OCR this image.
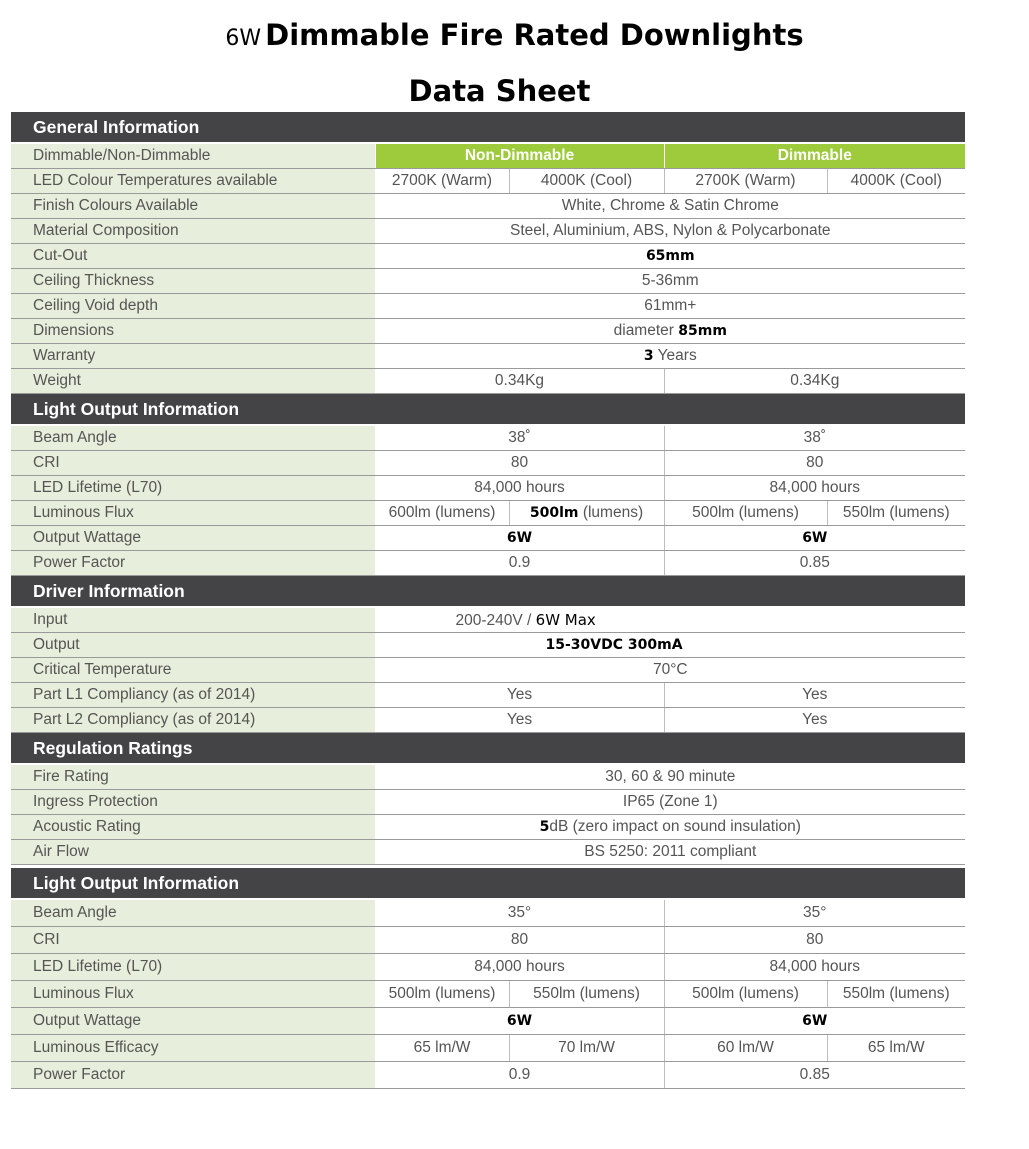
6W Dimmable Fire Rated Downlights
Data Sheet
General Information				
Dimmable/Non-Dimmable	Non-Dimmable		Dimmable	
LED Colour Temperatures available	2700K (Warm)	4000K (Cool)	2700K (Warm)	4000K (Cool)
Finish Colours Available	White, Chrome & Satin Chrome			
Material Composition	Steel, Aluminium, ABS, Nylon & Polycarbonate			
Cut-Out	65mm			
Ceiling Thickness	5-36mm			
Ceiling Void depth	61mm+			
Dimensions	diameter 85mm			
Warranty	3 Years			
Weight	0.34Kg		0.34Kg	
Light Output Information				
Beam Angle	38˚		38˚	
CRI	80		80	
LED Lifetime (L70)	84,000 hours		84,000 hours	
Luminous Flux	600lm (lumens)	500lm (lumens)	500lm (lumens)	550lm (lumens)
Output Wattage	6W		6W	
Power Factor	0.9		0.85	
Driver Information				
Input	200-240V / 6W Max			
Output	15-30VDC 300mA			
Critical Temperature	70°C			
Part L1 Compliancy (as of 2014)	Yes		Yes	
Part L2 Compliancy (as of 2014)	Yes		Yes	
Regulation Ratings				
Fire Rating	30, 60 & 90 minute			
Ingress Protection	IP65 (Zone 1)			
Acoustic Rating	5dB (zero impact on sound insulation)			
Air Flow	BS 5250: 2011 compliant			
Light Output Information				
Beam Angle	35°		35°	
CRI	80		80	
LED Lifetime (L70)	84,000 hours		84,000 hours	
Luminous Flux	500lm (lumens)	550lm (lumens)	500lm (lumens)	550lm (lumens)
Output Wattage	6W		6W	
Luminous Efficacy	65 lm/W	70 lm/W	60 lm/W	65 lm/W
Power Factor	0.9		0.85	
